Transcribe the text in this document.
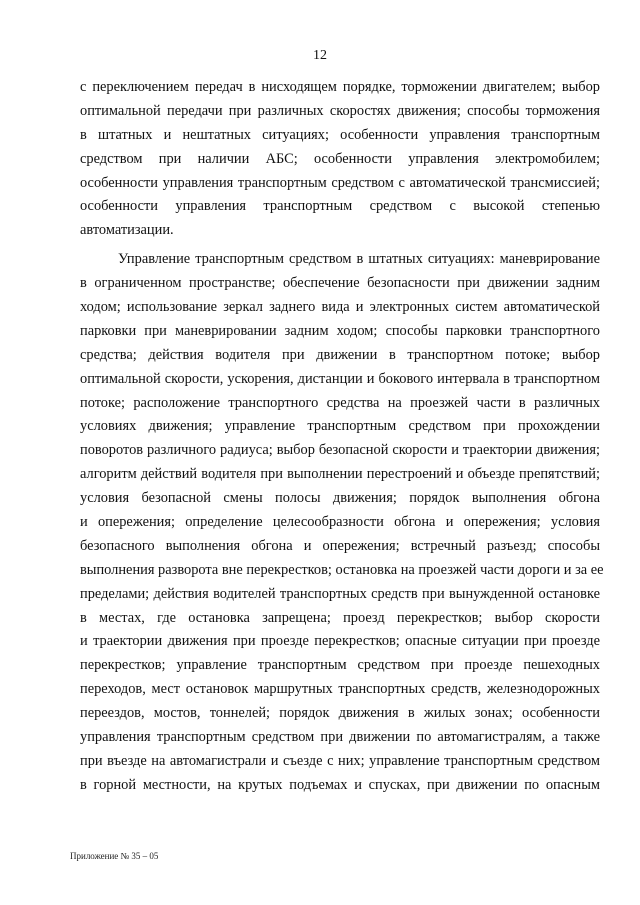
12
с переключением передач в нисходящем порядке, торможении двигателем; выбор
оптимальной передачи при различных скоростях движения; способы торможения
в штатных и нештатных ситуациях; особенности управления транспортным
средством при наличии АБС; особенности управления электромобилем;
особенности управления транспортным средством с автоматической трансмиссией;
особенности управления транспортным средством с высокой степенью
автоматизации.
Управление транспортным средством в штатных ситуациях: маневрирование
в ограниченном пространстве; обеспечение безопасности при движении задним
ходом; использование зеркал заднего вида и электронных систем автоматической
парковки при маневрировании задним ходом; способы парковки транспортного
средства; действия водителя при движении в транспортном потоке; выбор
оптимальной скорости, ускорения, дистанции и бокового интервала в транспортном
потоке; расположение транспортного средства на проезжей части в различных
условиях движения; управление транспортным средством при прохождении
поворотов различного радиуса; выбор безопасной скорости и траектории движения;
алгоритм действий водителя при выполнении перестроений и объезде препятствий;
условия безопасной смены полосы движения; порядок выполнения обгона
и опережения; определение целесообразности обгона и опережения; условия
безопасного выполнения обгона и опережения; встречный разъезд; способы
выполнения разворота вне перекрестков; остановка на проезжей части дороги и за ее
пределами; действия водителей транспортных средств при вынужденной остановке
в местах, где остановка запрещена; проезд перекрестков; выбор скорости
и траектории движения при проезде перекрестков; опасные ситуации при проезде
перекрестков; управление транспортным средством при проезде пешеходных
переходов, мест остановок маршрутных транспортных средств, железнодорожных
переездов, мостов, тоннелей; порядок движения в жилых зонах; особенности
управления транспортным средством при движении по автомагистралям, а также
при въезде на автомагистрали и съезде с них; управление транспортным средством
в горной местности, на крутых подъемах и спусках, при движении по опасным
Приложение № 35 – 05
